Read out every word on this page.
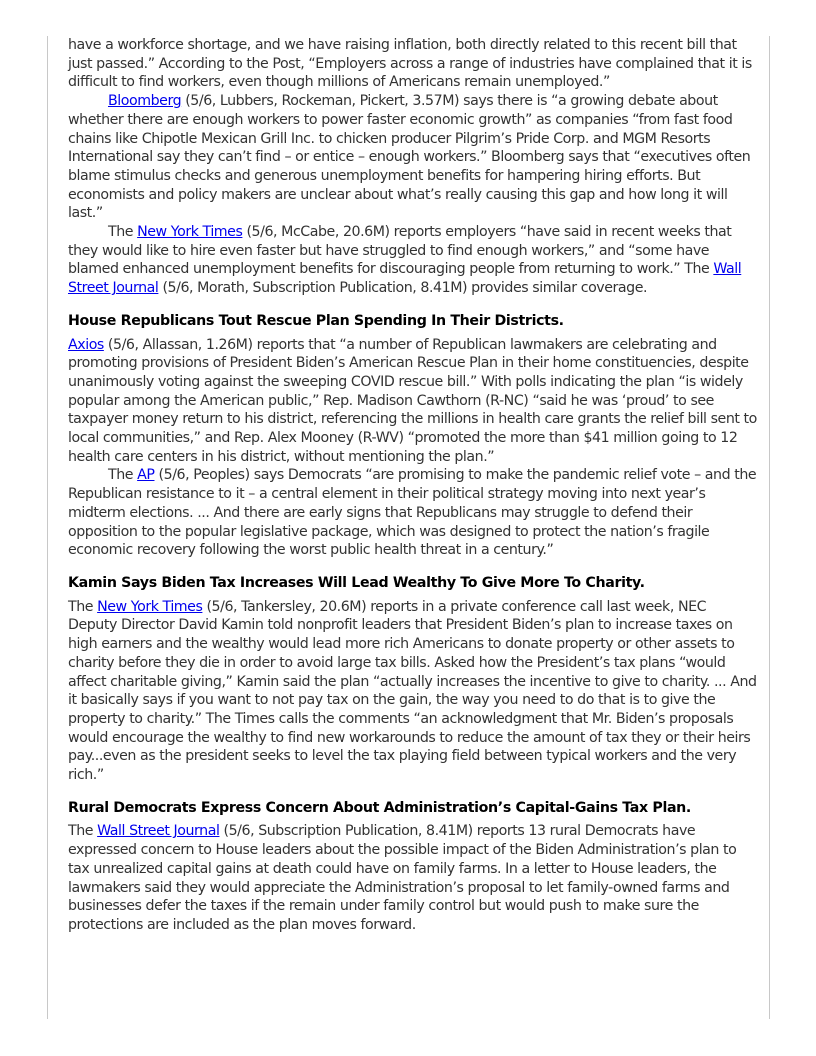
have a workforce shortage, and we have raising inflation, both directly related to this recent bill that just passed.” According to the Post, “Employers across a range of industries have complained that it is difficult to find workers, even though millions of Americans remain unemployed.”

Bloomberg (5/6, Lubbers, Rockeman, Pickert, 3.57M) says there is “a growing debate about whether there are enough workers to power faster economic growth” as companies “from fast food chains like Chipotle Mexican Grill Inc. to chicken producer Pilgrim’s Pride Corp. and MGM Resorts International say they can’t find – or entice – enough workers.” Bloomberg says that “executives often blame stimulus checks and generous unemployment benefits for hampering hiring efforts. But economists and policy makers are unclear about what’s really causing this gap and how long it will last.”

The New York Times (5/6, McCabe, 20.6M) reports employers “have said in recent weeks that they would like to hire even faster but have struggled to find enough workers,” and “some have blamed enhanced unemployment benefits for discouraging people from returning to work.” The Wall Street Journal (5/6, Morath, Subscription Publication, 8.41M) provides similar coverage.

House Republicans Tout Rescue Plan Spending In Their Districts.

Axios (5/6, Allassan, 1.26M) reports that “a number of Republican lawmakers are celebrating and promoting provisions of President Biden’s American Rescue Plan in their home constituencies, despite unanimously voting against the sweeping COVID rescue bill.” With polls indicating the plan “is widely popular among the American public,” Rep. Madison Cawthorn (R-NC) “said he was ‘proud’ to see taxpayer money return to his district, referencing the millions in health care grants the relief bill sent to local communities,” and Rep. Alex Mooney (R-WV) “promoted the more than $41 million going to 12 health care centers in his district, without mentioning the plan.”

The AP (5/6, Peoples) says Democrats “are promising to make the pandemic relief vote – and the Republican resistance to it – a central element in their political strategy moving into next year’s midterm elections. ... And there are early signs that Republicans may struggle to defend their opposition to the popular legislative package, which was designed to protect the nation’s fragile economic recovery following the worst public health threat in a century.”

Kamin Says Biden Tax Increases Will Lead Wealthy To Give More To Charity.

The New York Times (5/6, Tankersley, 20.6M) reports in a private conference call last week, NEC Deputy Director David Kamin told nonprofit leaders that President Biden’s plan to increase taxes on high earners and the wealthy would lead more rich Americans to donate property or other assets to charity before they die in order to avoid large tax bills. Asked how the President’s tax plans “would affect charitable giving,” Kamin said the plan “actually increases the incentive to give to charity. ... And it basically says if you want to not pay tax on the gain, the way you need to do that is to give the property to charity.” The Times calls the comments “an acknowledgment that Mr. Biden’s proposals would encourage the wealthy to find new workarounds to reduce the amount of tax they or their heirs pay...even as the president seeks to level the tax playing field between typical workers and the very rich.”

Rural Democrats Express Concern About Administration’s Capital-Gains Tax Plan.

The Wall Street Journal (5/6, Subscription Publication, 8.41M) reports 13 rural Democrats have expressed concern to House leaders about the possible impact of the Biden Administration’s plan to tax unrealized capital gains at death could have on family farms. In a letter to House leaders, the lawmakers said they would appreciate the Administration’s proposal to let family-owned farms and businesses defer the taxes if the remain under family control but would push to make sure the protections are included as the plan moves forward.
